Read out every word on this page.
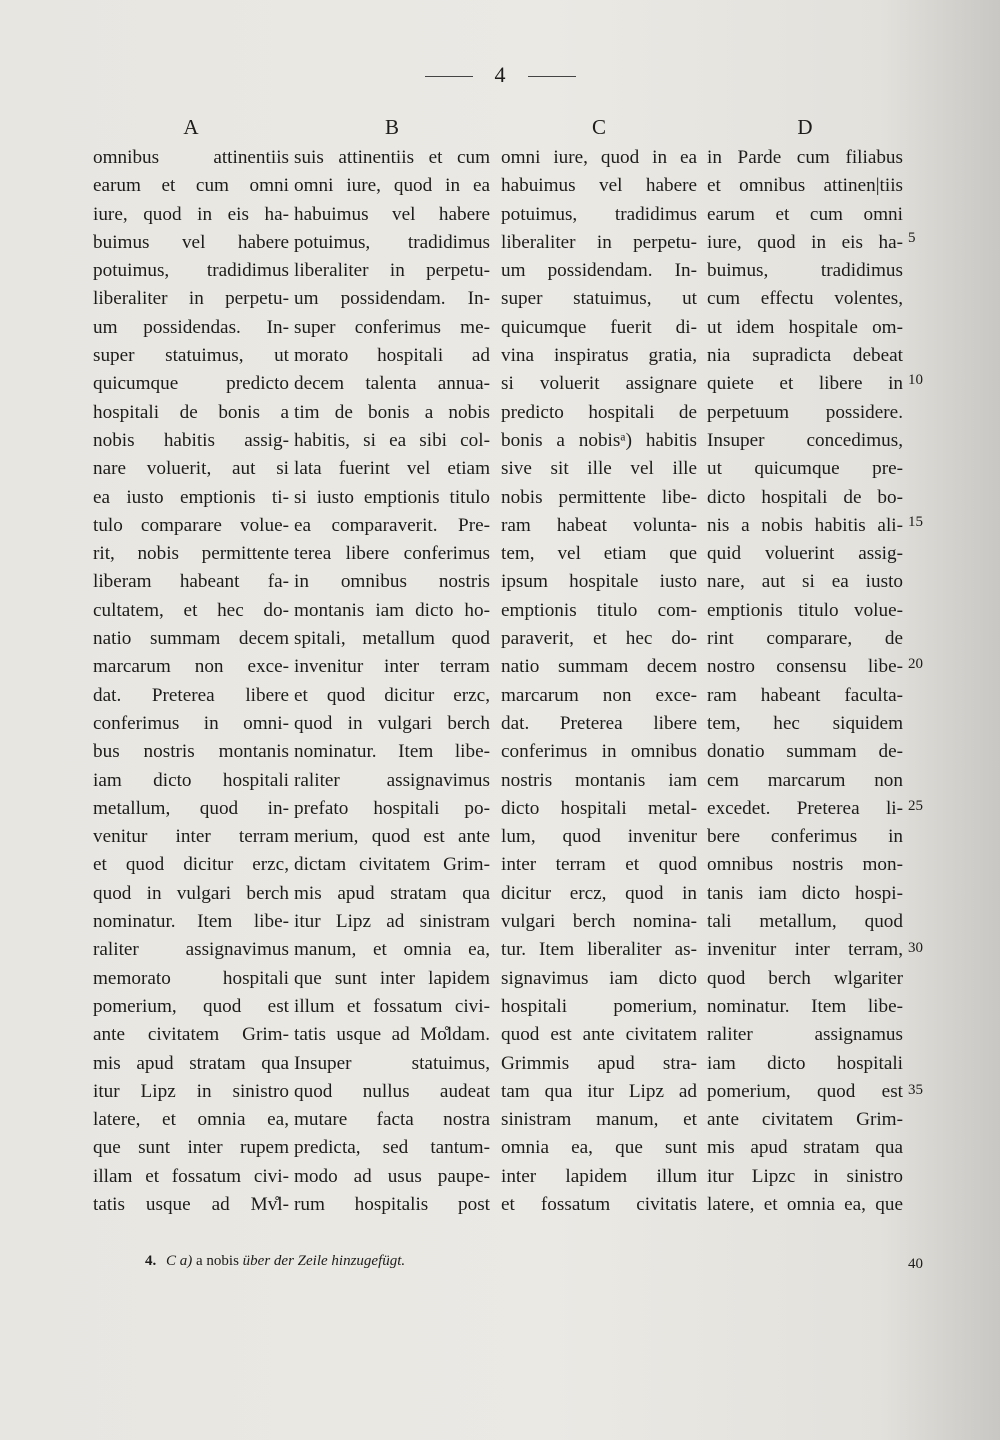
4
A
omnibus attinentiis
earum et cum omni
iure, quod in eis ha-
buimus vel habere
potuimus, tradidimus
liberaliter in perpetu-
um possidendas. In-
super statuimus, ut
quicumque predicto
hospitali de bonis a
nobis habitis assig-
nare voluerit, aut si
ea iusto emptionis ti-
tulo comparare volue-
rit, nobis permittente
liberam habeant fa-
cultatem, et hec do-
natio summam decem
marcarum non exce-
dat. Preterea libere
conferimus in omni-
bus nostris montanis
iam dicto hospitali
metallum, quod in-
venitur inter terram
et quod dicitur erzc,
quod in vulgari berch
nominatur. Item libe-
raliter assignavimus
memorato hospitali
pomerium, quod est
ante civitatem Grim-
mis apud stratam qua
itur Lipz in sinistro
latere, et omnia ea,
que sunt inter rupem
illam et fossatum civi-
tatis usque ad Mv̊l-
B
suis attinentiis et cum
omni iure, quod in ea
habuimus vel habere
potuimus, tradidimus
liberaliter in perpetu-
um possidendam. In-
super conferimus me-
morato hospitali ad
decem talenta annua-
tim de bonis a nobis
habitis, si ea sibi col-
lata fuerint vel etiam
si iusto emptionis titulo
ea comparaverit. Pre-
terea libere conferimus
in omnibus nostris
montanis iam dicto ho-
spitali, metallum quod
invenitur inter terram
et quod dicitur erzc,
quod in vulgari berch
nominatur. Item libe-
raliter assignavimus
prefato hospitali po-
merium, quod est ante
dictam civitatem Grim-
mis apud stratam qua
itur Lipz ad sinistram
manum, et omnia ea,
que sunt inter lapidem
illum et fossatum civi-
tatis usque ad Mo̊ldam.
Insuper statuimus,
quod nullus audeat
mutare facta nostra
predicta, sed tantum-
modo ad usus paupe-
rum hospitalis post
C
omni iure, quod in ea
habuimus vel habere
potuimus, tradidimus
liberaliter in perpetu-
um possidendam. In-
super statuimus, ut
quicumque fuerit di-
vina inspiratus gratia,
si voluerit assignare
predicto hospitali de
bonis a nobisᵃ) habitis
sive sit ille vel ille
nobis permittente libe-
ram habeat volunta-
tem, vel etiam que
ipsum hospitale iusto
emptionis titulo com-
paraverit, et hec do-
natio summam decem
marcarum non exce-
dat. Preterea libere
conferimus in omnibus
nostris montanis iam
dicto hospitali metal-
lum, quod invenitur
inter terram et quod
dicitur ercz, quod in
vulgari berch nomina-
tur. Item liberaliter as-
signavimus iam dicto
hospitali pomerium,
quod est ante civitatem
Grimmis apud stra-
tam qua itur Lipz ad
sinistram manum, et
omnia ea, que sunt
inter lapidem illum
et fossatum civitatis
D
in Parde cum filiabus
et omnibus attinen|tiis
earum et cum omni
iure, quod in eis ha-
buimus, tradidimus
cum effectu volentes,
ut idem hospitale om-
nia supradicta debeat
quiete et libere in
perpetuum possidere.
Insuper concedimus,
ut quicumque pre-
dicto hospitali de bo-
nis a nobis habitis ali-
quid voluerint assig-
nare, aut si ea iusto
emptionis titulo volue-
rint comparare, de
nostro consensu libe-
ram habeant faculta-
tem, hec siquidem
donatio summam de-
cem marcarum non
excedet. Preterea li-
bere conferimus in
omnibus nostris mon-
tanis iam dicto hospi-
tali metallum, quod
invenitur inter terram,
quod berch wlgariter
nominatur. Item libe-
raliter assignamus
iam dicto hospitali
pomerium, quod est
ante civitatem Grim-
mis apud stratam qua
itur Lipzc in sinistro
latere, et omnia ea, que
5
10
15
20
25
30
35
40
4. C a) a nobis über der Zeile hinzugefügt.
